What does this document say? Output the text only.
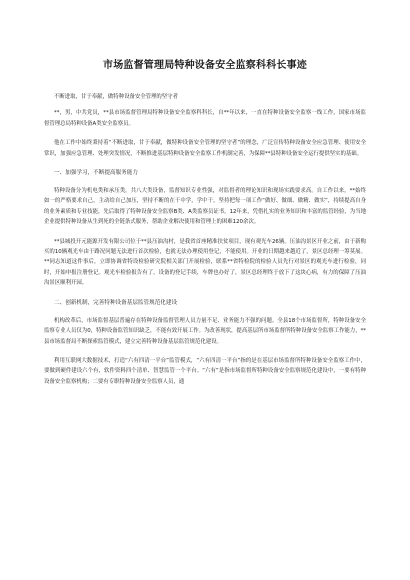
市场监督管理局特种设备安全监察科科长事迹

不断进取，甘于奉献，做特种设备安全管理的坚守者

**，男，中共党员，**县市场监督管理局特种设备安全监察科科长，自**年以来，一直在特种设备安全监察一线工作，国家市场监督管理总局特种设备A类安全监察员。

他在工作中始终秉持着“不断进取，甘于奉献，做特种设备安全管理的坚守者”的理念，广泛宣传特种设备安全应急管理、使用安全常识，加强应急管理、处理突发情况，不断推进基层特种设备安全监察工作机制完善，为保障**县特种设备安全运行提供坚实的基础。

一、加强学习，不断提高服务能力

特种设备分为机电类和承压类，共八大类设备，监督知识专业性强，对监督者的理论知识和现场实践要求高。自工作以来，**始终如一的严格要求自己，主动给自己加压，坚持不断的在干中学，学中干，坚持把每一项工作“做好、做细、做精、做实”，持续提高自身的业务素质和专业技能，先后取得了特种设备安全监察B类、A类监察员证书。12年来，凭借扎实的业务知识和丰富的监管经验，为当地企业提供特种设备从生到死的全链条式服务，帮助企业解决使用和管理上的困难120余次。

**县城投开元能源开发有限公司位于**县压油沟村，是我省首座精准扶贫项目，现有观光车26辆。压油沟景区开业之前，由于新购买的10辆观光车由于路况问题无法进行首次检验，也就无法办理使用登记，不能使用。开业的日期越来越近了，景区总经理一筹莫展。**同志知道这件事后，立即协调省特设检验研究院相关部门开展检验，联系**省特检院的检验人员先行对景区的观光车进行检验，同时，开始申报注册登记。观光车检验报告有了，设备的登记手续，车牌也办好了，景区总经理终于放下了这块心病，有力的保障了压油沟景区顺利开园。

二、创新机制，完善特种设备基层监管规范化建设

机构改革后，市场监督基层普遍存在特种设备监督管理人员力量不足、业务能力不强的问题。全县18个市场监督所，特种设备安全监察专业人员仅为0，特种设备监管知识缺乏，不能有效开展工作。为改善现状，提高基层所市场监督所特种设备安全监察工作能力，**县市场监督局不断探索监管模式，建立完善特种设备基层监管规范化建设。

利用互联网大数据技术，打造“六有四清一平台”监管模式，“六有四清一平台”指的是在基层市场监督所特种设备安全监察工作中，要做到硬件建设六个有，软件资料四个清单、智慧监管一个平台。“六有”是指市场监督所特种设备安全监察规范化建设中，一要有特种设备安全监察机构；二要有专职特种设备安全监察人员，通
